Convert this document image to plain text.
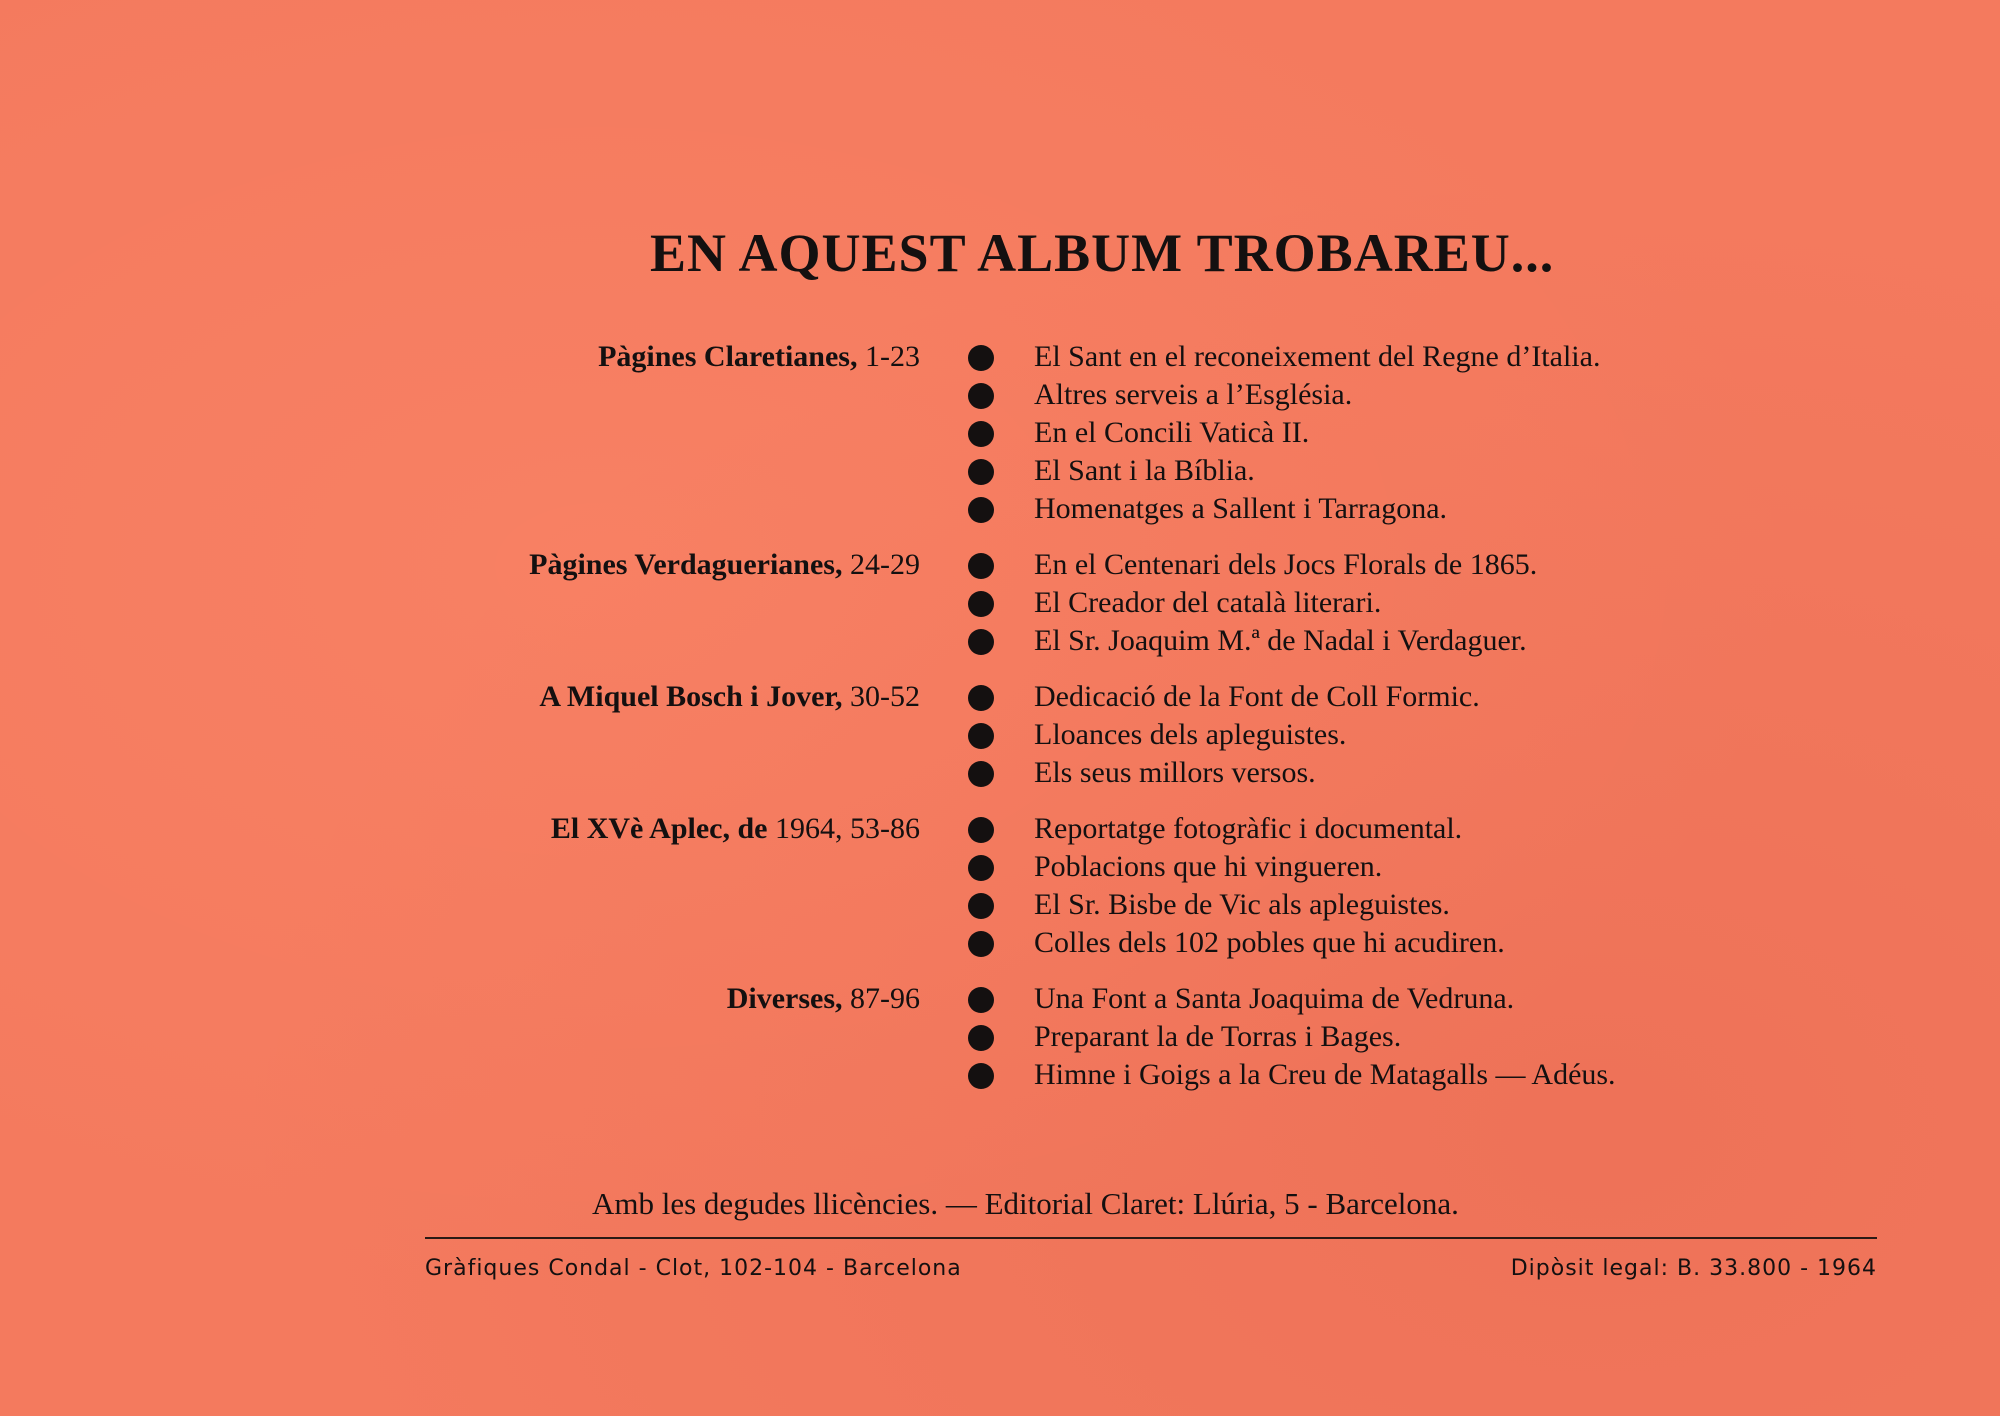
EN AQUEST ALBUM TROBAREU...
Pàgines Claretianes, 1-23	El Sant en el reconeixement del Regne d’Italia.
Altres serveis a l’Església.
En el Concili Vaticà II.
El Sant i la Bíblia.
Homenatges a Sallent i Tarragona.
Pàgines Verdaguerianes, 24-29	En el Centenari dels Jocs Florals de 1865.
El Creador del català literari.
El Sr. Joaquim M.ª de Nadal i Verdaguer.
A Miquel Bosch i Jover, 30-52	Dedicació de la Font de Coll Formic.
Lloances dels apleguistes.
Els seus millors versos.
El XVè Aplec, de 1964, 53-86	Reportatge fotogràfic i documental.
Poblacions que hi vingueren.
El Sr. Bisbe de Vic als apleguistes.
Colles dels 102 pobles que hi acudiren.
Diverses, 87-96	Una Font a Santa Joaquima de Vedruna.
Preparant la de Torras i Bages.
Himne i Goigs a la Creu de Matagalls — Adéus.
Amb les degudes llicències. — Editorial Claret: Llúria, 5 - Barcelona.
Gràfiques Condal - Clot, 102-104 - Barcelona	Dipòsit legal: B. 33.800 - 1964
